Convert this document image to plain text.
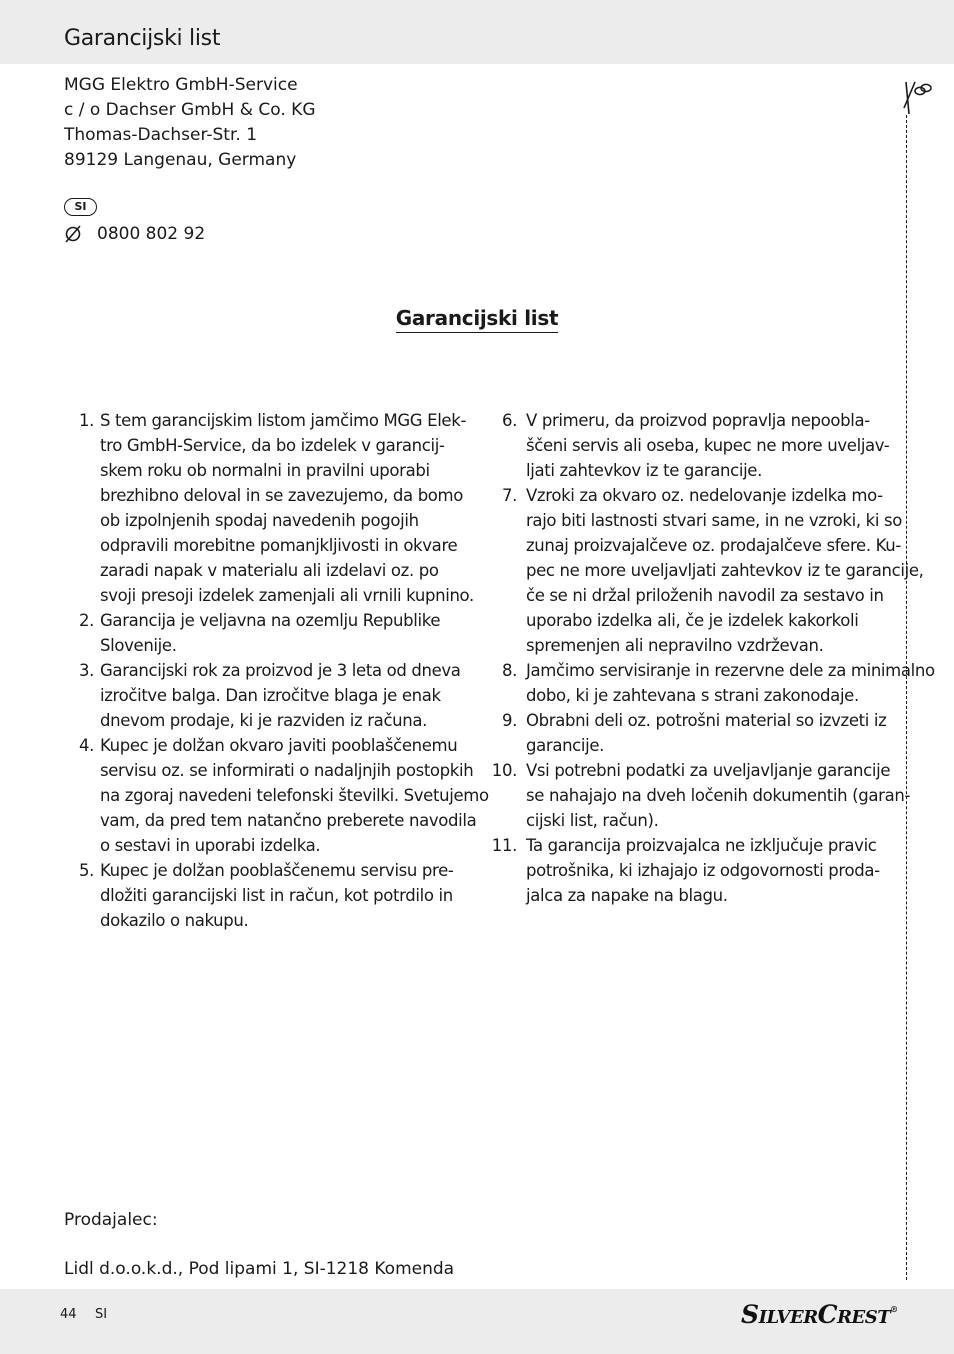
Garancijski list
MGG Elektro GmbH-Service
c / o Dachser GmbH & Co. KG
Thomas-Dachser-Str. 1
89129 Langenau, Germany
SI
0800 802 92
Garancijski list
1. S tem garancijskim listom jamčimo MGG Elek-
tro GmbH-Service, da bo izdelek v garancij-
skem roku ob normalni in pravilni uporabi
brezhibno deloval in se zavezujemo, da bomo
ob izpolnjenih spodaj navedenih pogojih
odpravili morebitne pomanjkljivosti in okvare
zaradi napak v materialu ali izdelavi oz. po
svoji presoji izdelek zamenjali ali vrnili kupnino.
2. Garancija je veljavna na ozemlju Republike
Slovenije.
3. Garancijski rok za proizvod je 3 leta od dneva
izročitve balga. Dan izročitve blaga je enak
dnevom prodaje, ki je razviden iz računa.
4. Kupec je dolžan okvaro javiti pooblaščenemu
servisu oz. se informirati o nadaljnjih postopkih
na zgoraj navedeni telefonski številki. Svetujemo
vam, da pred tem natančno preberete navodila
o sestavi in uporabi izdelka.
5. Kupec je dolžan pooblaščenemu servisu pre-
dložiti garancijski list in račun, kot potrdilo in
dokazilo o nakupu.
6. V primeru, da proizvod popravlja nepoobla-
ščeni servis ali oseba, kupec ne more uveljav-
ljati zahtevkov iz te garancije.
7. Vzroki za okvaro oz. nedelovanje izdelka mo-
rajo biti lastnosti stvari same, in ne vzroki, ki so
zunaj proizvajalčeve oz. prodajalčeve sfere. Ku-
pec ne more uveljavljati zahtevkov iz te garancije,
če se ni držal priloženih navodil za sestavo in
uporabo izdelka ali, če je izdelek kakorkoli
spremenjen ali nepravilno vzdrževan.
8. Jamčimo servisiranje in rezervne dele za minimalno
dobo, ki je zahtevana s strani zakonodaje.
9. Obrabni deli oz. potrošni material so izvzeti iz
garancije.
10. Vsi potrebni podatki za uveljavljanje garancije
se nahajajo na dveh ločenih dokumentih (garan-
cijski list, račun).
11. Ta garancija proizvajalca ne izključuje pravic
potrošnika, ki izhajajo iz odgovornosti proda-
jalca za napake na blagu.
Prodajalec:
Lidl d.o.o.k.d., Pod lipami 1, SI-1218 Komenda
44 SI	SILVERCREST®
